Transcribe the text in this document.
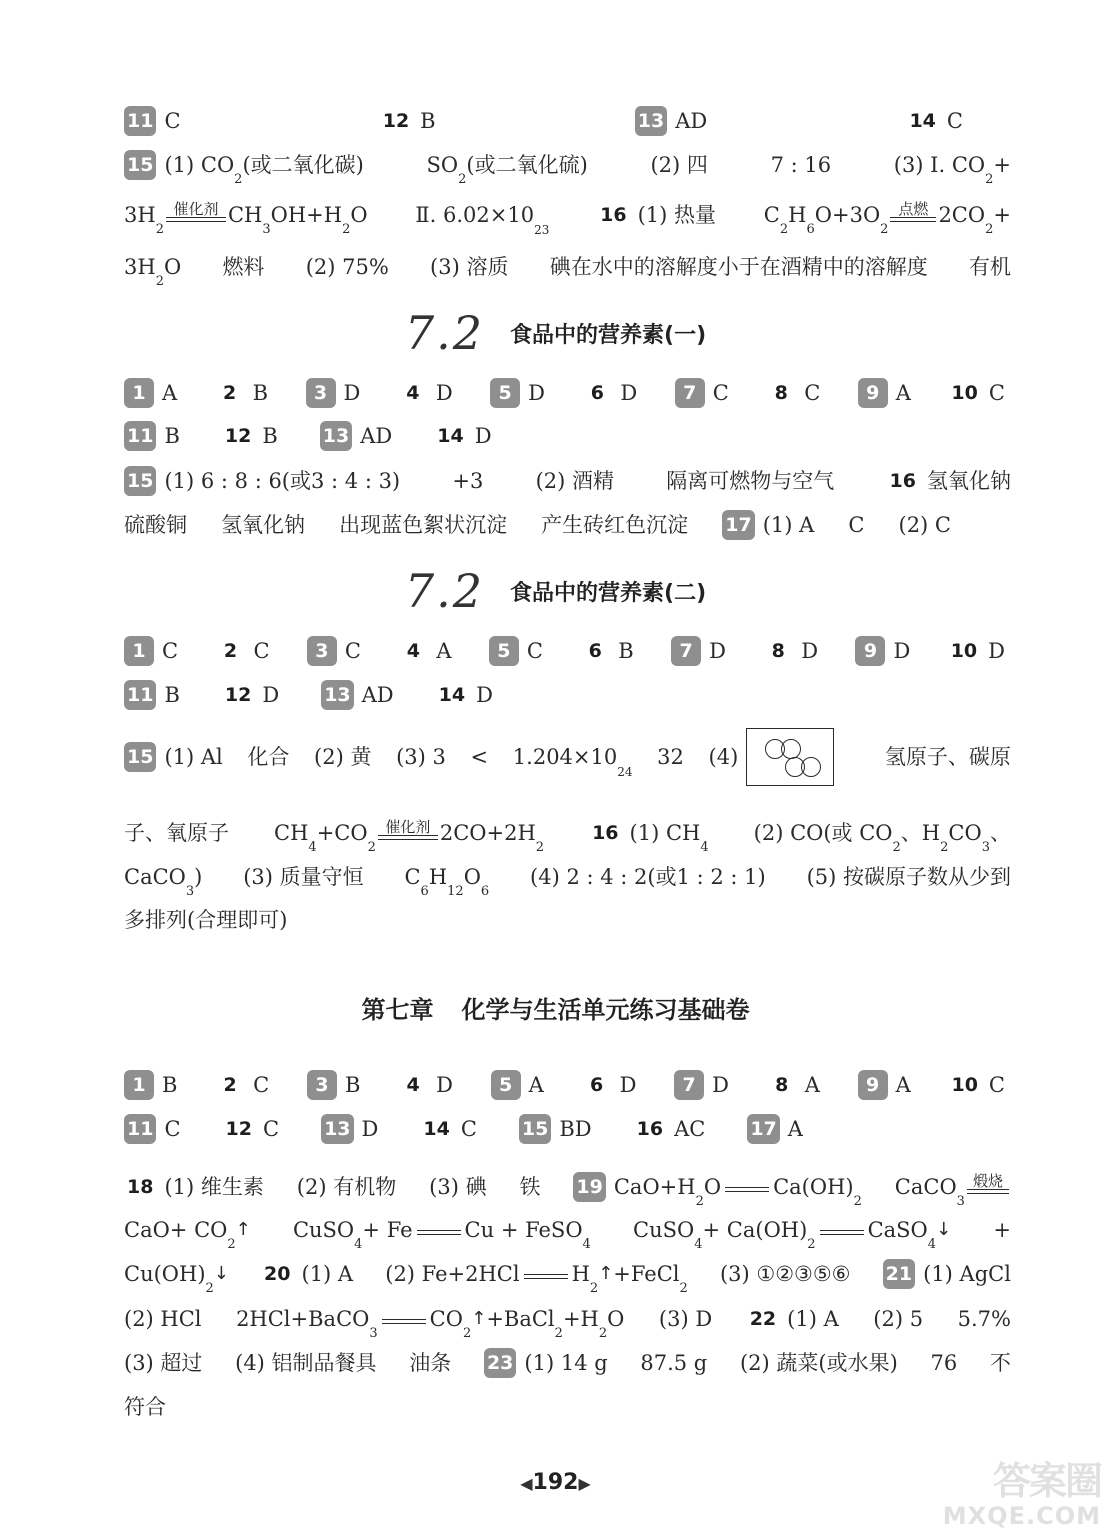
11 C	12 B	13 AD	14 C
15 (1) CO
2
(或二氧化碳)	SO
2
(或二氧化硫)	(2) 四	7 : 16	(3) Ⅰ. CO
2
+
3H
2
催化剂 CH
3
OH+H
2
O Ⅱ. 6.02×10
23
16 (1) 热量 C
2
H
6
O+3O
2
点燃 2CO
2
+
3H
2
O 燃料 (2) 75% (3) 溶质 碘在水中的溶解度小于在酒精中的溶解度 有机
7.2 食品中的营养素(一)
1 A	2 B	3 D	4 D	5 D	6 D	7 C	8 C	9 A 10 C
11 B 12 B 13 AD 14 D
15 (1) 6 : 8 : 6(或3 : 4 : 3) +3 (2) 酒精 隔离可燃物与空气	16 氢氧化钠
硫酸铜 氢氧化钠 出现蓝色絮状沉淀 产生砖红色沉淀 17 (1) A C (2) C
7.2 食品中的营养素(二)
1 C	2 C	3 C	4 A	5 C	6 B	7 D	8 D	9 D 10 D
11 B 12 D 13 AD 14 D
15 (1) Al 化合 (2) 黄 (3) 3 < 1.204×10
24
32 (4)	氢原子、碳原
子、氧原子 CH
4
+CO
2
催化剂 2CO+2H
2
16 (1) CH
4
(2) CO(或 CO
2
、H
2
CO
3
、
CaCO
3
) (3) 质量守恒 C
6
H
12
O
6
(4) 2 : 4 : 2(或1 : 2 : 1) (5) 按碳原子数从少到
多排列(合理即可)
第七章 化学与生活单元练习基础卷
1 B	2 C	3 B	4 D	5 A	6 D	7 D	8 A	9 A 10 C
11 C 12 C 13 D 14 C 15 BD 16 AC 17 A
18 (1) 维生素 (2) 有机物 (3) 碘 铁 19 CaO+H
2
O Ca(OH)
2
CaCO
3
煅烧
CaO+ CO
2
↑ CuSO
4
+ Fe Cu + FeSO
4
CuSO
4
+ Ca(OH)
2
CaSO
4
↓ +
Cu(OH)
2
↓ 20 (1) A (2) Fe+2HCl H
2
↑ +FeCl
2
(3) ①②③⑤⑥ 21 (1) AgCl
(2) HCl 2HCl+BaCO
3
CO
2
↑ +BaCl
2
+H
2
O (3) D 22 (1) A (2) 5 5.7%
(3) 超过 (4) 铝制品餐具 油条 23 (1) 14 g 87.5 g (2) 蔬菜(或水果) 76 不
符合
◀192▶	答案圈
MXQE.COM
